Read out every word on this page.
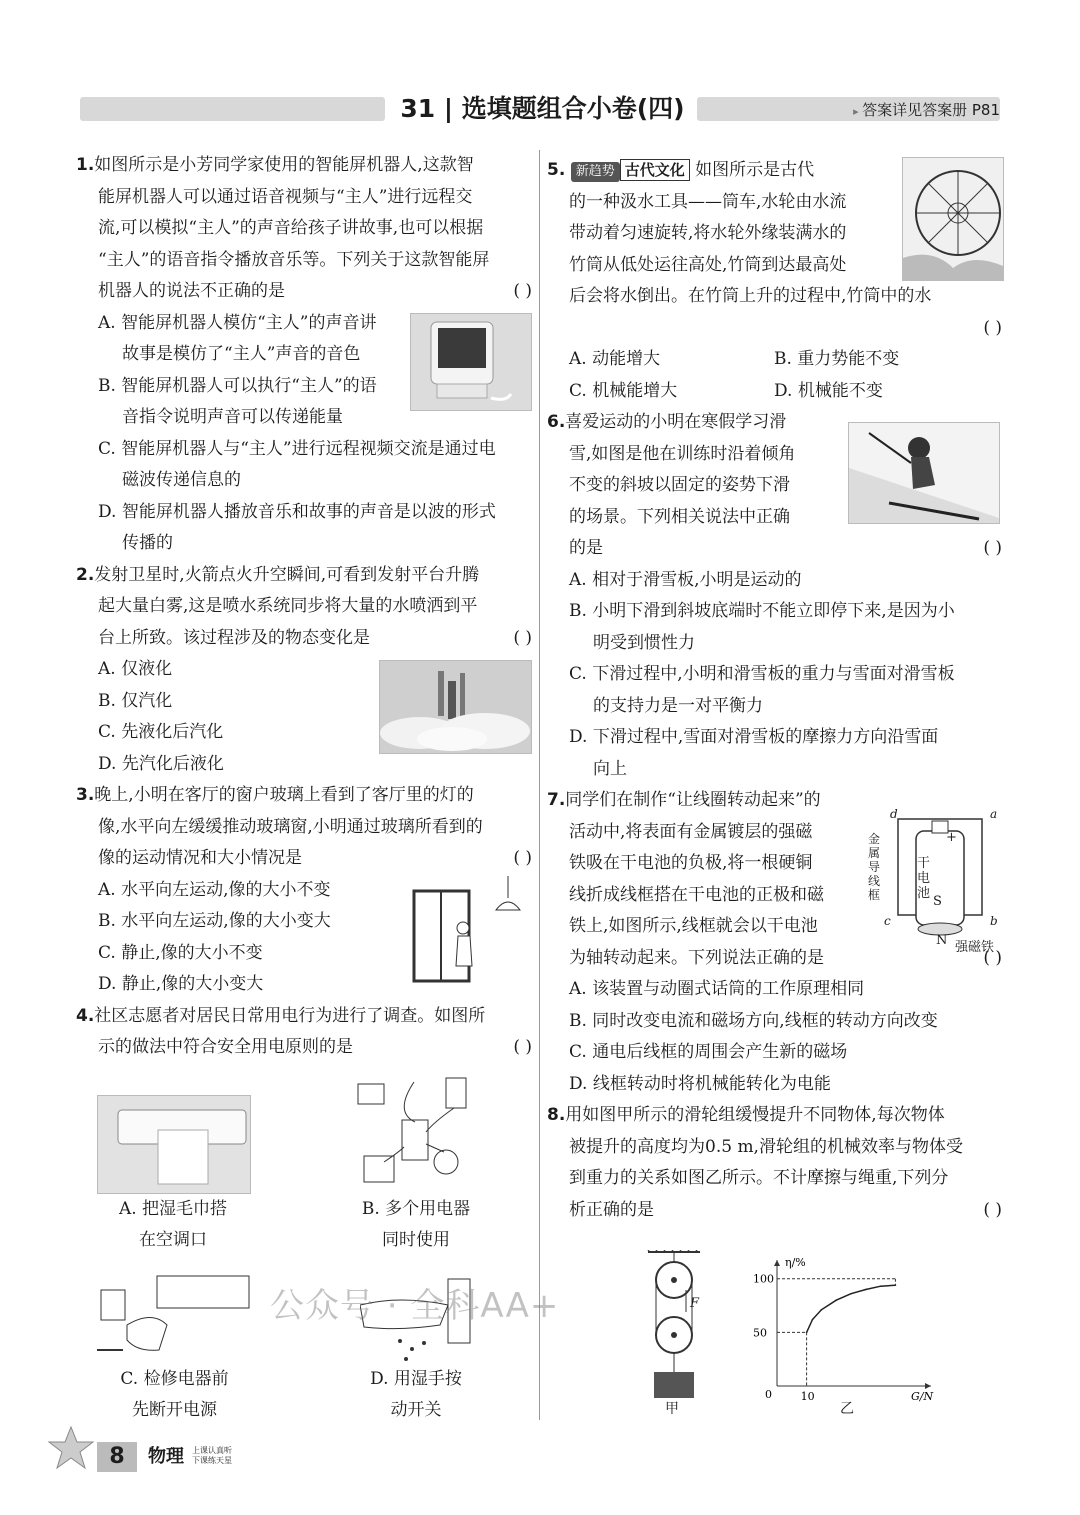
31 | 选填题组合小卷(四)
▸	答案详见答案册 P81

1.如图所示是小芳同学家使用的智能屏机器人,这款智

能屏机器人可以通过语音视频与“主人”进行远程交

流,可以模拟“主人”的声音给孩子讲故事,也可以根据

“主人”的语音指令播放音乐等。下列关于这款智能屏

机器人的说法不正确的是	( )

A. 智能屏机器人模仿“主人”的声音讲

故事是模仿了“主人”声音的音色

B. 智能屏机器人可以执行“主人”的语

音指令说明声音可以传递能量

C. 智能屏机器人与“主人”进行远程视频交流是通过电

磁波传递信息的

D. 智能屏机器人播放音乐和故事的声音是以波的形式

传播的

2.发射卫星时,火箭点火升空瞬间,可看到发射平台升腾

起大量白雾,这是喷水系统同步将大量的水喷洒到平

台上所致。该过程涉及的物态变化是	( )

A. 仅液化

B. 仅汽化

C. 先液化后汽化

D. 先汽化后液化

3.晚上,小明在客厅的窗户玻璃上看到了客厅里的灯的

像,水平向左缓缓推动玻璃窗,小明通过玻璃所看到的

像的运动情况和大小情况是	( )

A. 水平向左运动,像的大小不变

B. 水平向左运动,像的大小变大

C. 静止,像的大小不变

D. 静止,像的大小变大

4.社区志愿者对居民日常用电行为进行了调查。如图所

示的做法中符合安全用电原则的是	( )

A. 把湿毛巾搭
在空调口
B. 多个用电器
同时使用
C. 检修电器前
先断开电源
D. 用湿手按
动开关

5. 新趋势 古代文化 如图所示是古代

的一种汲水工具——筒车,水轮由水流

带动着匀速旋转,将水轮外缘装满水的

竹筒从低处运往高处,竹筒到达最高处

后会将水倒出。在竹筒上升的过程中,竹筒中的水

( )

A. 动能增大	B. 重力势能不变

C. 机械能增大	D. 机械能不变

6.喜爱运动的小明在寒假学习滑

雪,如图是他在训练时沿着倾角

不变的斜坡以固定的姿势下滑

的场景。下列相关说法中正确

的是	( )

A. 相对于滑雪板,小明是运动的

B. 小明下滑到斜坡底端时不能立即停下来,是因为小

明受到惯性力

C. 下滑过程中,小明和滑雪板的重力与雪面对滑雪板

的支持力是一对平衡力

D. 下滑过程中,雪面对滑雪板的摩擦力方向沿雪面

向上

7.同学们在制作“让线圈转动起来”的

活动中,将表面有金属镀层的强磁

铁吸在干电池的负极,将一根硬铜

线折成线框搭在干电池的正极和磁

铁上,如图所示,线框就会以干电池

为轴转动起来。下列说法正确的是	( )

A. 该装置与动圈式话筒的工作原理相同

B. 同时改变电流和磁场方向,线框的转动方向改变

C. 通电后线框的周围会产生新的磁场

D. 线框转动时将机械能转化为电能

8.用如图甲所示的滑轮组缓慢提升不同物体,每次物体

被提升的高度均为0.5 m,滑轮组的机械效率与物体受

到重力的关系如图乙所示。不计摩擦与绳重,下列分

析正确的是	( )

d	a
b
c
金属导线框
干电池
S
+
N 强磁铁
F
甲
η/%
G/N
0
100
50
10
乙
8	物理 上课认真听
下课练天星
公众号 · 全科AA+
